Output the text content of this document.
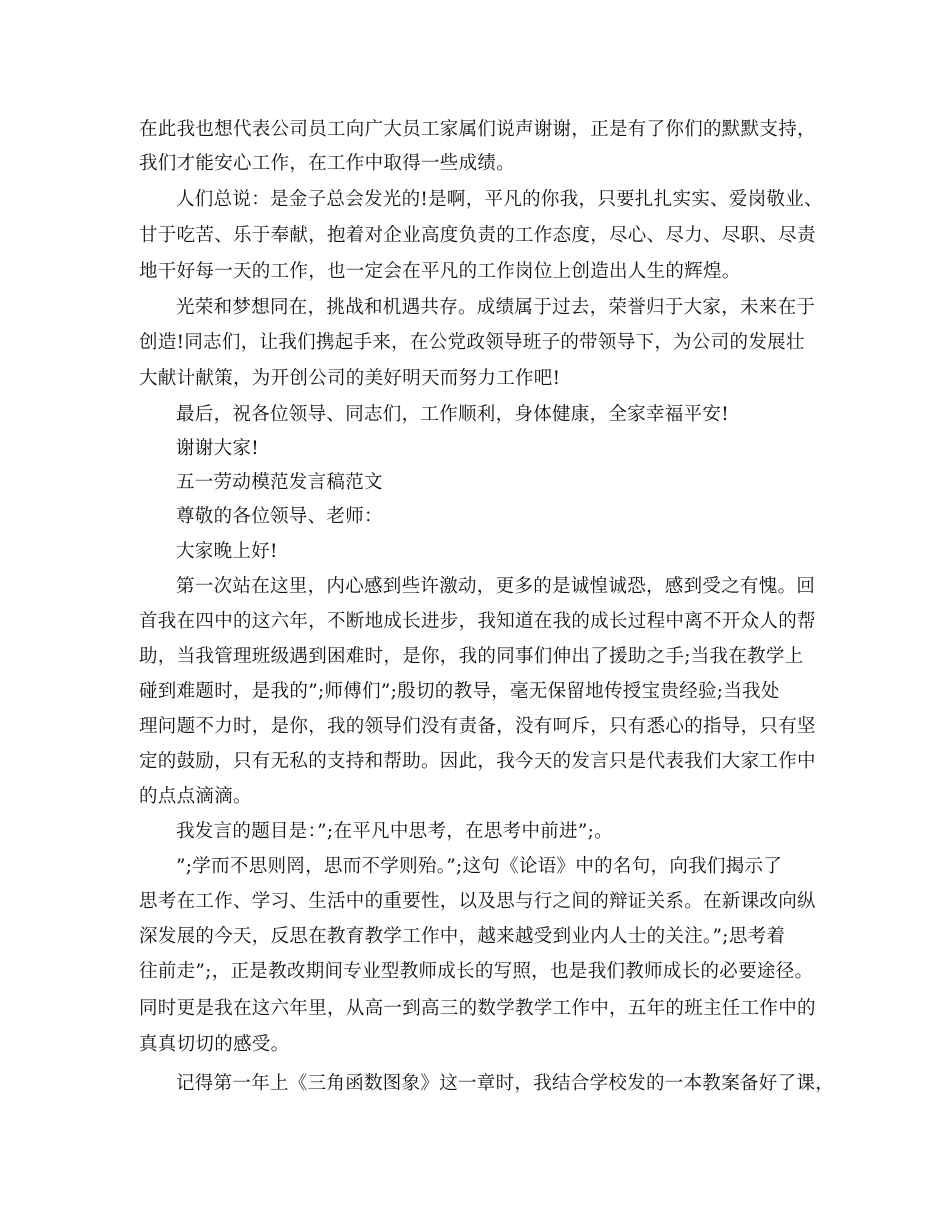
在此我也想代表公司员工向广大员工家属们说声谢谢，正是有了你们的默默支持，
我们才能安心工作，在工作中取得一些成绩。
人们总说：是金子总会发光的!是啊，平凡的你我，只要扎扎实实、爱岗敬业、
甘于吃苦、乐于奉献，抱着对企业高度负责的工作态度，尽心、尽力、尽职、尽责
地干好每一天的工作，也一定会在平凡的工作岗位上创造出人生的辉煌。
光荣和梦想同在，挑战和机遇共存。成绩属于过去，荣誉归于大家，未来在于
创造!同志们，让我们携起手来，在公党政领导班子的带领导下，为公司的发展壮
大献计献策，为开创公司的美好明天而努力工作吧!
最后，祝各位领导、同志们，工作顺利，身体健康，全家幸福平安!
谢谢大家!
五一劳动模范发言稿范文
尊敬的各位领导、老师：
大家晚上好!
第一次站在这里，内心感到些许激动，更多的是诚惶诚恐，感到受之有愧。回
首我在四中的这六年，不断地成长进步，我知道在我的成长过程中离不开众人的帮
助，当我管理班级遇到困难时，是你，我的同事们伸出了援助之手;当我在教学上
碰到难题时，是我的”;师傅们”;殷切的教导，毫无保留地传授宝贵经验;当我处
理问题不力时，是你，我的领导们没有责备，没有呵斥，只有悉心的指导，只有坚
定的鼓励，只有无私的支持和帮助。因此，我今天的发言只是代表我们大家工作中
的点点滴滴。
我发言的题目是：”;在平凡中思考，在思考中前进”;。
”;学而不思则罔，思而不学则殆。”;这句《论语》中的名句，向我们揭示了
思考在工作、学习、生活中的重要性，以及思与行之间的辩证关系。在新课改向纵
深发展的今天，反思在教育教学工作中，越来越受到业内人士的关注。”;思考着
往前走”;，正是教改期间专业型教师成长的写照，也是我们教师成长的必要途径。
同时更是我在这六年里，从高一到高三的数学教学工作中，五年的班主任工作中的
真真切切的感受。
记得第一年上《三角函数图象》这一章时，我结合学校发的一本教案备好了课，
